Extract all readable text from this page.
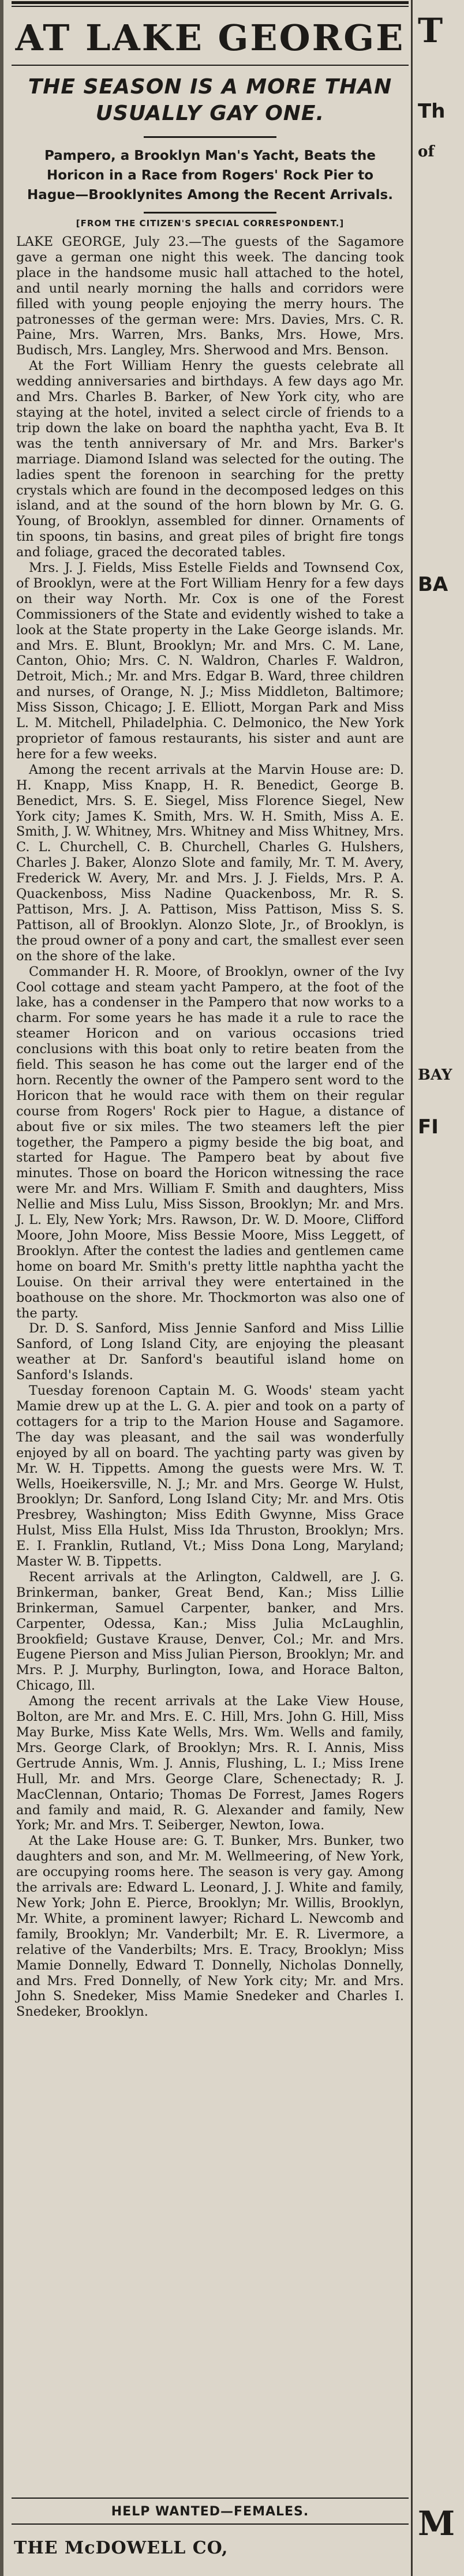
AT LAKE GEORGE
THE SEASON IS A MORE THAN USUALLY GAY ONE.
Pampero, a Brooklyn Man's Yacht, Beats the Horicon in a Race from Rogers' Rock Pier to Hague—Brooklynites Among the Recent Arrivals.
[FROM THE CITIZEN'S SPECIAL CORRESPONDENT.]

LAKE GEORGE, July 23.—The guests of the Sagamore gave a german one night this week. The dancing took place in the handsome music hall attached to the hotel, and until nearly morning the halls and corridors were filled with young people enjoying the merry hours. The patronesses of the german were: Mrs. Davies, Mrs. C. R. Paine, Mrs. Warren, Mrs. Banks, Mrs. Howe, Mrs. Budisch, Mrs. Langley, Mrs. Sherwood and Mrs. Benson.

At the Fort William Henry the guests celebrate all wedding anniversaries and birthdays. A few days ago Mr. and Mrs. Charles B. Barker, of New York city, who are staying at the hotel, invited a select circle of friends to a trip down the lake on board the naphtha yacht, Eva B. It was the tenth anniversary of Mr. and Mrs. Barker's marriage. Diamond Island was selected for the outing. The ladies spent the forenoon in searching for the pretty crystals which are found in the decomposed ledges on this island, and at the sound of the horn blown by Mr. G. G. Young, of Brooklyn, assembled for dinner. Ornaments of tin spoons, tin basins, and great piles of bright fire tongs and foliage, graced the decorated tables.

Mrs. J. J. Fields, Miss Estelle Fields and Townsend Cox, of Brooklyn, were at the Fort William Henry for a few days on their way North. Mr. Cox is one of the Forest Commissioners of the State and evidently wished to take a look at the State property in the Lake George islands. Mr. and Mrs. E. Blunt, Brooklyn; Mr. and Mrs. C. M. Lane, Canton, Ohio; Mrs. C. N. Waldron, Charles F. Waldron, Detroit, Mich.; Mr. and Mrs. Edgar B. Ward, three children and nurses, of Orange, N. J.; Miss Middleton, Baltimore; Miss Sisson, Chicago; J. E. Elliott, Morgan Park and Miss L. M. Mitchell, Philadelphia. C. Delmonico, the New York proprietor of famous restaurants, his sister and aunt are here for a few weeks.

Among the recent arrivals at the Marvin House are: D. H. Knapp, Miss Knapp, H. R. Benedict, George B. Benedict, Mrs. S. E. Siegel, Miss Florence Siegel, New York city; James K. Smith, Mrs. W. H. Smith, Miss A. E. Smith, J. W. Whitney, Mrs. Whitney and Miss Whitney, Mrs. C. L. Churchell, C. B. Churchell, Charles G. Hulshers, Charles J. Baker, Alonzo Slote and family, Mr. T. M. Avery, Frederick W. Avery, Mr. and Mrs. J. J. Fields, Mrs. P. A. Quackenboss, Miss Nadine Quackenboss, Mr. R. S. Pattison, Mrs. J. A. Pattison, Miss Pattison, Miss S. S. Pattison, all of Brooklyn. Alonzo Slote, Jr., of Brooklyn, is the proud owner of a pony and cart, the smallest ever seen on the shore of the lake.

Commander H. R. Moore, of Brooklyn, owner of the Ivy Cool cottage and steam yacht Pampero, at the foot of the lake, has a condenser in the Pampero that now works to a charm. For some years he has made it a rule to race the steamer Horicon and on various occasions tried conclusions with this boat only to retire beaten from the field. This season he has come out the larger end of the horn. Recently the owner of the Pampero sent word to the Horicon that he would race with them on their regular course from Rogers' Rock pier to Hague, a distance of about five or six miles. The two steamers left the pier together, the Pampero a pigmy beside the big boat, and started for Hague. The Pampero beat by about five minutes. Those on board the Horicon witnessing the race were Mr. and Mrs. William F. Smith and daughters, Miss Nellie and Miss Lulu, Miss Sisson, Brooklyn; Mr. and Mrs. J. L. Ely, New York; Mrs. Rawson, Dr. W. D. Moore, Clifford Moore, John Moore, Miss Bessie Moore, Miss Leggett, of Brooklyn. After the contest the ladies and gentlemen came home on board Mr. Smith's pretty little naphtha yacht the Louise. On their arrival they were entertained in the boathouse on the shore. Mr. Thockmorton was also one of the party.

Dr. D. S. Sanford, Miss Jennie Sanford and Miss Lillie Sanford, of Long Island City, are enjoying the pleasant weather at Dr. Sanford's beautiful island home on Sanford's Islands.

Tuesday forenoon Captain M. G. Woods' steam yacht Mamie drew up at the L. G. A. pier and took on a party of cottagers for a trip to the Marion House and Sagamore. The day was pleasant, and the sail was wonderfully enjoyed by all on board. The yachting party was given by Mr. W. H. Tippetts. Among the guests were Mrs. W. T. Wells, Hoeikersville, N. J.; Mr. and Mrs. George W. Hulst, Brooklyn; Dr. Sanford, Long Island City; Mr. and Mrs. Otis Presbrey, Washington; Miss Edith Gwynne, Miss Grace Hulst, Miss Ella Hulst, Miss Ida Thruston, Brooklyn; Mrs. E. I. Franklin, Rutland, Vt.; Miss Dona Long, Maryland; Master W. B. Tippetts.

Recent arrivals at the Arlington, Caldwell, are J. G. Brinkerman, banker, Great Bend, Kan.; Miss Lillie Brinkerman, Samuel Carpenter, banker, and Mrs. Carpenter, Odessa, Kan.; Miss Julia McLaughlin, Brookfield; Gustave Krause, Denver, Col.; Mr. and Mrs. Eugene Pierson and Miss Julian Pierson, Brooklyn; Mr. and Mrs. P. J. Murphy, Burlington, Iowa, and Horace Balton, Chicago, Ill.

Among the recent arrivals at the Lake View House, Bolton, are Mr. and Mrs. E. C. Hill, Mrs. John G. Hill, Miss May Burke, Miss Kate Wells, Mrs. Wm. Wells and family, Mrs. George Clark, of Brooklyn; Mrs. R. I. Annis, Miss Gertrude Annis, Wm. J. Annis, Flushing, L. I.; Miss Irene Hull, Mr. and Mrs. George Clare, Schenectady; R. J. MacClennan, Ontario; Thomas De Forrest, James Rogers and family and maid, R. G. Alexander and family, New York; Mr. and Mrs. T. Seiberger, Newton, Iowa.

At the Lake House are: G. T. Bunker, Mrs. Bunker, two daughters and son, and Mr. M. Wellmeering, of New York, are occupying rooms here. The season is very gay. Among the arrivals are: Edward L. Leonard, J. J. White and family, New York; John E. Pierce, Brooklyn; Mr. Willis, Brooklyn, Mr. White, a prominent lawyer; Richard L. Newcomb and family, Brooklyn; Mr. Vanderbilt; Mr. E. R. Livermore, a relative of the Vanderbilts; Mrs. E. Tracy, Brooklyn; Miss Mamie Donnelly, Edward T. Donnelly, Nicholas Donnelly, and Mrs. Fred Donnelly, of New York city; Mr. and Mrs. John S. Snedeker, Miss Mamie Snedeker and Charles I. Snedeker, Brooklyn.

HELP WANTED—FEMALES.
THE McDOWELL CO,
T
Th
of
BA
FI
BAY
M
